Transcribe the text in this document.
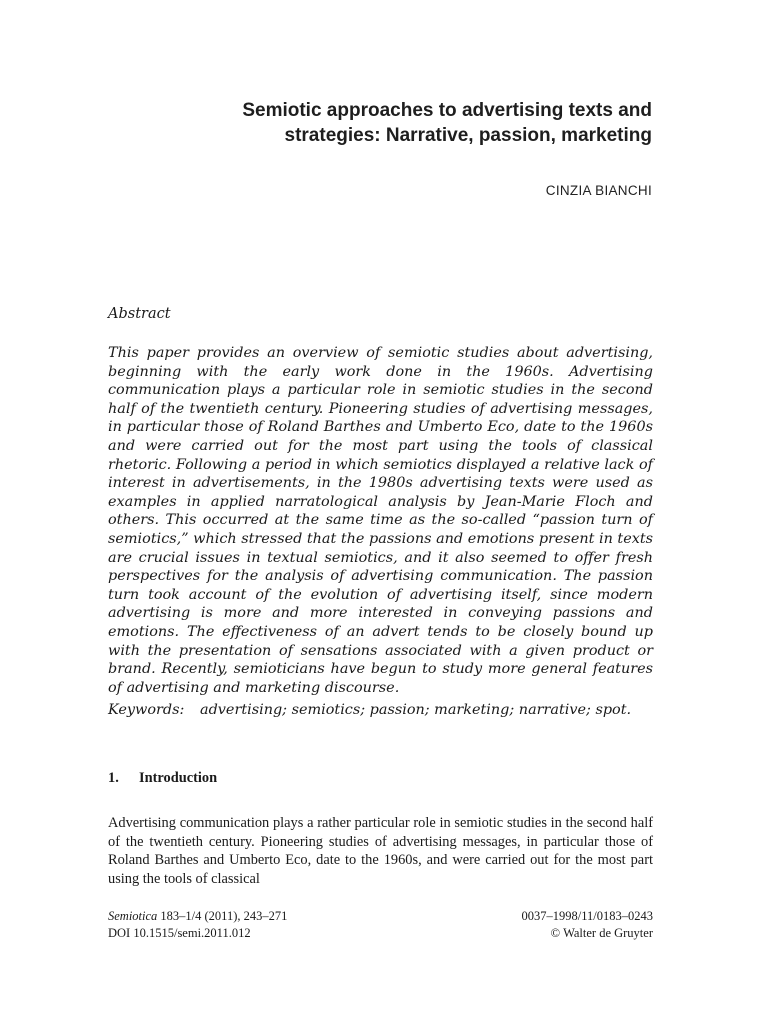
Semiotic approaches to advertising texts and strategies: Narrative, passion, marketing
CINZIA BIANCHI
Abstract

This paper provides an overview of semiotic studies about advertising, beginning with the early work done in the 1960s. Advertising communication plays a particular role in semiotic studies in the second half of the twentieth century. Pioneering studies of advertising messages, in particular those of Roland Barthes and Umberto Eco, date to the 1960s and were carried out for the most part using the tools of classical rhetoric. Following a period in which semiotics displayed a relative lack of interest in advertisements, in the 1980s advertising texts were used as examples in applied narratological analysis by Jean-Marie Floch and others. This occurred at the same time as the so-called “passion turn of semiotics,” which stressed that the passions and emotions present in texts are crucial issues in textual semiotics, and it also seemed to offer fresh perspectives for the analysis of advertising communication. The passion turn took account of the evolution of advertising itself, since modern advertising is more and more interested in conveying passions and emotions. The effectiveness of an advert tends to be closely bound up with the presentation of sensations associated with a given product or brand. Recently, semioticians have begun to study more general features of advertising and marketing discourse.

Keywords: advertising; semiotics; passion; marketing; narrative; spot.
1. Introduction

Advertising communication plays a rather particular role in semiotic studies in the second half of the twentieth century. Pioneering studies of advertising messages, in particular those of Roland Barthes and Umberto Eco, date to the 1960s, and were carried out for the most part using the tools of classical

Semiotica 183–1/4 (2011), 243–271
DOI 10.1515/semi.2011.012
0037–1998/11/0183–0243
© Walter de Gruyter
